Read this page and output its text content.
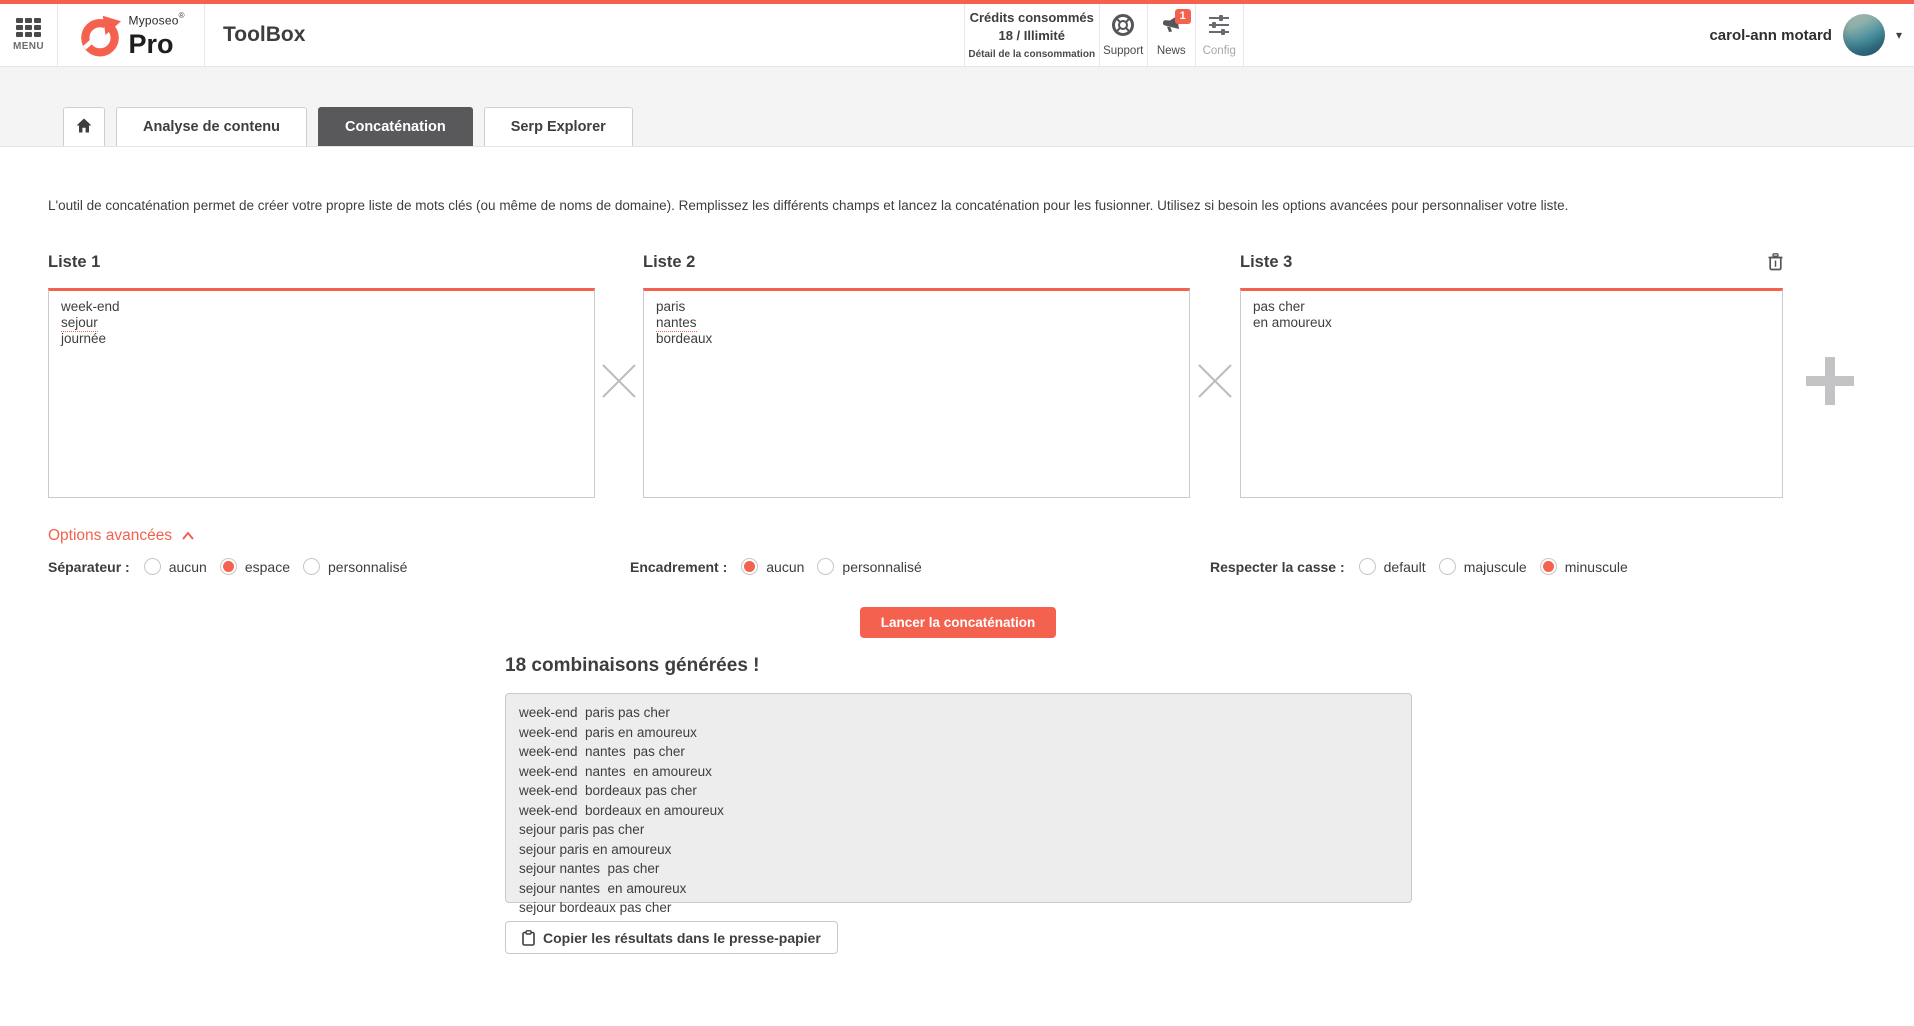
MENU
Myposeo®
Pro	ToolBox
Crédits consommés
18 / Illimité
Détail de la consommation Support
1
News Config
carol-ann motard	▾
Analyse de contenu	Concaténation	Serp Explorer

L'outil de concaténation permet de créer votre propre liste de mots clés (ou même de noms de domaine). Remplissez les différents champs et lancez la concaténation pour les fusionner. Utilisez si besoin les options avancées pour personnaliser votre liste.

Liste 1
week-end
sejour
journée
Liste 2
paris
nantes
bordeaux
Liste 3
pas cher
en amoureux
Options avancées
Séparateur :	aucun	espace	personnalisé	Encadrement :	aucun	personnalisé	Respecter la casse :	default	majuscule	minuscule
Lancer la concaténation
18 combinaisons générées !
week-end  paris pas cher
week-end  paris en amoureux
week-end  nantes  pas cher
week-end  nantes  en amoureux
week-end  bordeaux pas cher
week-end  bordeaux en amoureux
sejour paris pas cher
sejour paris en amoureux
sejour nantes  pas cher
sejour nantes  en amoureux
sejour bordeaux pas cher
Copier les résultats dans le presse-papier
